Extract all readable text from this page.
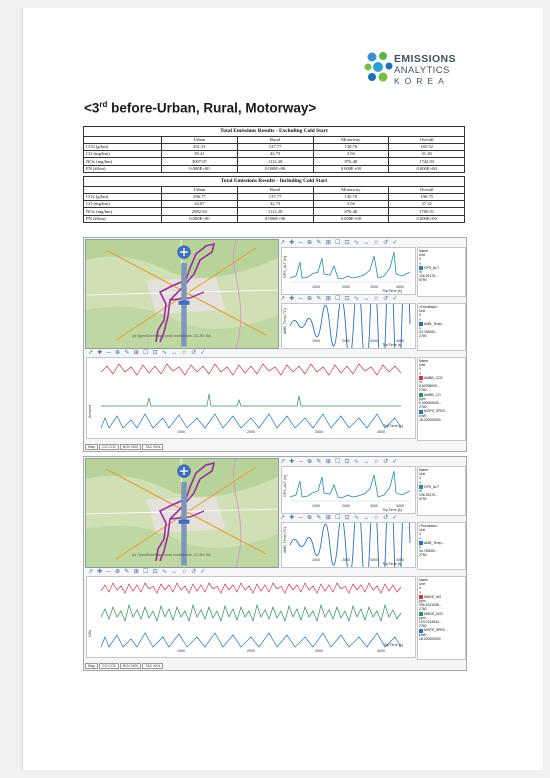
EMISSIONS
ANALYTICS
KOREA
<3rd before-Urban, Rural, Motorway>
Total Emissions Results - Excluding Cold Start				
	Urban	Rural	Motorway	Overall
CO2 (g/km)	261.51	137.77	130.70	165.52
CO (mg/km)	39.41	42.73	3.56	31.30
NOx (mg/km)	3007.07	1112.28	876.48	1742.03
PN (#/km)	0.000E+00	0.000E+00	0.000E+00	0.000E+00
Total Emissions Results - Including Cold Start				
	Urban	Rural	Motorway	Overall
CO2 (g/km)	296.77	137.77	130.70	196.75
CO (mg/km)	34.07	42.73	3.56	37.32
NOx (mg/km)	2882.94	1112.28	876.48	1700.01
PN (#/km)	0.000E+00	0.000E+00	0.000E+00	0.000E+00
(c) OpenStreetMap (and) contributors, CC-BY-SA
↗ ✚ ─ ⊕ ✎ ⊞ ☐ ⊡ ∿ ↔ ☆ ↺ ✓
GPS_ALT [m]
1000	2000	3000	4000
TripTime [s]
Name
Unit
X
Y
GPS_ALT
m
106.25175...
5790
↗ ✚ ─ ⊕ ✎ ⊞ ☐ ⊡ ∿ ↔ ☆ ↺ ✓
AMB_Temp [°C]
1000	2000	3000	4000
TripTime [s]
<Feedback>
Unit
X
Y
AMB_Temp...
C
34.783000...
2760
↗ ✚ ─ ⊕ ✎ ⊞ ☐ ⊡ ∿ ↔ ☆ ↺ ✓
Ambient
1000	2000	3000	4000
TripTime [s]
Name
Unit
X
Y
AMBB_CO2
%
8.62298009...
2760
AMBB_CO
ppm
0.000000000...
2760
MGPS_SPEE...
km/h
18.220000000
Map CO CO2 NOx NO2 TAC NOx
(c) OpenStreetMap (and) contributors, CC-BY-SA
↗ ✚ ─ ⊕ ✎ ⊞ ☐ ⊡ ∿ ↔ ☆ ↺ ✓
GPS_ALT [m]
1000	2000	3000	4000
TripTime [s]
Name
Unit
X
Y
GPS_ALT
m
106.25175...
5790
↗ ✚ ─ ⊕ ✎ ⊞ ☐ ⊡ ∿ ↔ ☆ ↺ ✓
AMB_Temp [°C]
1000	2000	3000	4000
TripTime [s]
<Feedback>
Unit
X
Y
AMB_Temp...
C
34.783000...
2760
↗ ✚ ─ ⊕ ✎ ⊞ ☐ ⊡ ∿ ↔ ☆ ↺ ✓
NOx
1000	2000	3000	4000
TripTime [s]
Name
Unit
X
Y
NMGS_NO
ppm
306.4231938...
2760
NMGS_NO2
ppm
123.0133534...
2760
MGPS_SPEE...
km/h
18.220000000
Map CO CO2 NOx NO2 TAC NOx
